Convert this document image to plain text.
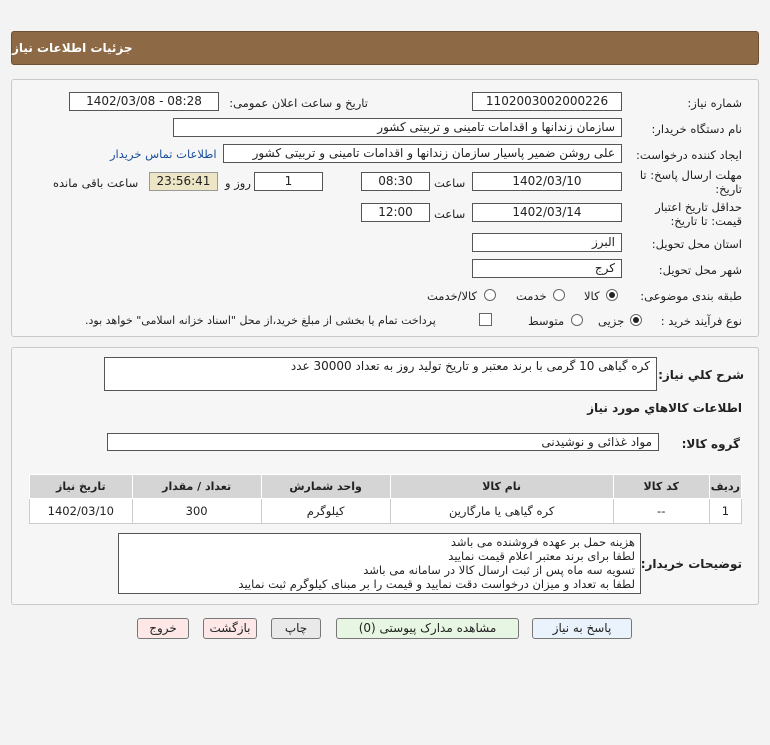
جزئیات اطلاعات نیاز
شماره نیاز:
1102003002000226
تاریخ و ساعت اعلان عمومی:
1402/03/08 - 08:28
نام دستگاه خریدار:
سازمان زندانها و اقدامات تامینی و تربیتی کشور
ایجاد کننده درخواست:
علی روشن ضمیر پاسیار سازمان زندانها و اقدامات تامینی و تربیتی کشور
اطلاعات تماس خریدار
مهلت ارسال پاسخ: تا تاریخ:
1402/03/10
ساعت
08:30
1
روز و
23:56:41
ساعت باقی مانده
حداقل تاریخ اعتبار قیمت: تا تاریخ:
1402/03/14
ساعت
12:00
استان محل تحویل:
البرز
شهر محل تحویل:
کرج
طبقه بندی موضوعی:
کالا
خدمت
کالا/خدمت
نوع فرآیند خرید :
جزیی
متوسط
پرداخت تمام یا بخشی از مبلغ خرید،از محل "اسناد خزانه اسلامی" خواهد بود.
شرح کلي نياز:
کره گیاهی 10 گرمی با برند معتبر و تاریخ تولید روز به تعداد 30000 عدد
اطلاعات کالاهاي مورد نياز
گروه کالا:
مواد غذائی و نوشیدنی
ردیف	کد کالا	نام کالا	واحد شمارش	تعداد / مقدار	تاریخ نیاز
1	--	کره گیاهی یا مارگارین	کیلوگرم	300	1402/03/10
توضیحات خریدار:
هزینه حمل بر عهده فروشنده می باشد
لطفا برای برند معتبر اعلام قیمت نمایید
تسویه سه ماه پس از ثبت ارسال کالا در سامانه می باشد
لطفا به تعداد و میزان درخواست دقت نمایید و قیمت را بر مبنای کیلوگرم ثبت نمایید
پاسخ به نیاز
مشاهده مدارک پیوستی (0)
چاپ
بازگشت
خروج
